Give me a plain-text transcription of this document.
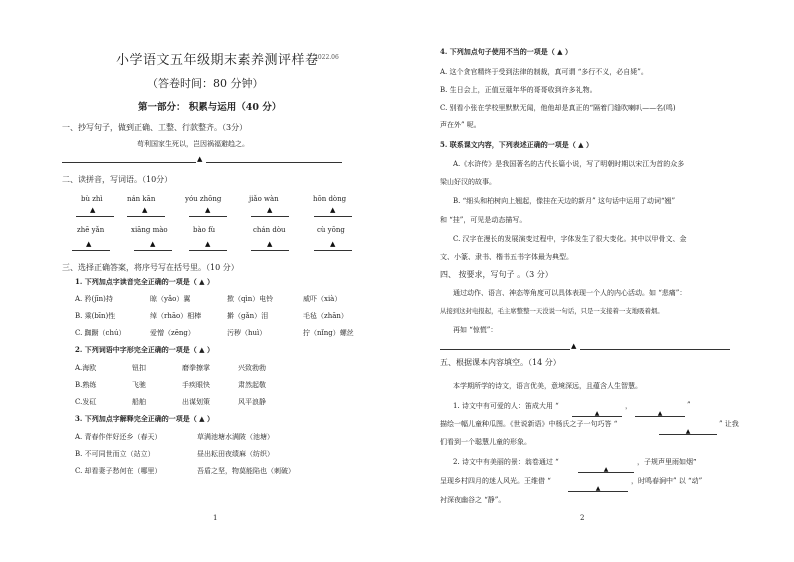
小学语文五年级期末素养测评样卷
2022.06
（答卷时间：80 分钟）
第一部分： 积累与运用（40 分）
一、抄写句子，做到正确、工整、行款整齐。（3分）
苟利国家生死以，岂因祸福避趋之。
▲
二、读拼音，写词语。（10分）
bù zhì	nán kān	yóu zhōng	jiǎo wàn	hōn dòng
▲	▲	▲	▲	▲
zhē yǎn	xiāng mào	bào fù	chán dòu	cù yōng
▲	▲	▲	▲	▲
三、选择正确答案，将序号写在括号里。（10 分）
1. 下列加点字读音完全正确的一项是（ ▲ ）
A. 矜(jīn)持	晾（yǎo）翼	揿（qìn）电铃	威吓（xià）
B. 乘(bīn)性	绰（rhāo）相棒	擀（gǎn）泪	毛毡（zhān）
C. 踟蹰（chú）	爱憎（zēng）	污秽（huì）	拧（nǐng）螺丝
2. 下列词语中字形完全正确的一项是（ ▲ ）
A.海欧	钮扣	磨拳擦掌	兴致勃勃
B.熟练	飞驰	手疾眼快	肃然起敬
C.发矼	船舶	出谋划策	风平浪静
3. 下列加点字解释完全正确的一项是（ ▲ ）
A. 青春作伴好还乡（春天）	草满池塘水满陂（池塘）
B. 不可同世而立（站立）	昼出耘田夜绩麻（纺织）
C. 却看妻子愁何在（哪里）	吾盾之坚，物莫能陷也（刺破）
1
4. 下列加点句子使用不当的一项是（ ▲ ）
A. 这个贪官精终于受到法律的制裁，真可谓 “多行不义，必自毙”。
B. 生日会上，正值豆蔻年华的哥哥收到许多礼物。
C. 别看小张在学校里默默无闻，他他却是真正的“隔着门缝吹喇叭——名(鸣)
声在外” 呢。
5. 联系课文内容，下列表述正确的一项是（ ▲ ）
A.《水浒传》是我国著名的古代长篇小说，写了明朝时期以宋江为首的众多
梁山好汉的故事。
B. “细头和柏树向上翘起，像挂在天边的新月” 这句话中运用了动词“翘”
和 “挂”，可见是动态描写。
C. 汉字在漫长的发展演变过程中，字体发生了很大变化。其中以甲骨文、金
文、小篆、隶书、楷书五书字体最为典型。
四、 按要求，写句子 。（3 分）
通过动作、语言、神态等角度可以具体表现一个人的内心活动。如 “悲痛”：
从接到这封电报起，毛主席整整一天没说一句话，只是一支接着一支地吸着烟。
再如 “惊慌”：
▲
五、根据课本内容填空。（14 分）
本学期所学的诗文，语言优美，意境深远，且蕴含人生智慧。
1. 诗文中有可爱的人：笛成大用 “
▲
，
▲
”
描绘一幅儿童种瓜图。《世说新语》中杨氏之子一句巧答 “
▲
” 让我
们看到一个聪慧儿童的形象。
2. 诗文中有美丽的景：翁卷通过 “
▲
，子规声里雨如烟”
呈现乡村四月的迷人风光。王维借 “
▲
，时鸣春涧中” 以 “动”
衬深夜幽谷之 “静”。
2
